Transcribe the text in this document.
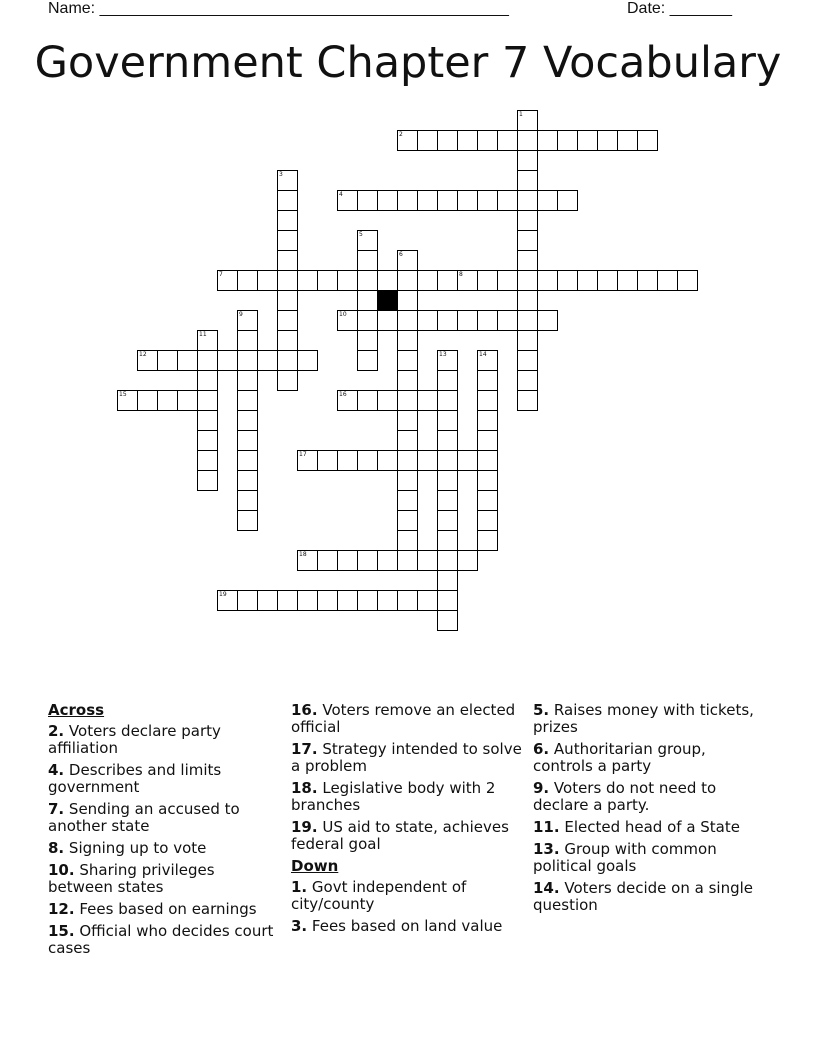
Name: ______________________________________________	Date: _______
Government Chapter 7 Vocabulary
2
4
7	8
10
12
15	16
17
18
19
1
3
5
6
9
11
13	14
Across
2. Voters declare party affiliation
4. Describes and limits government
7. Sending an accused to another state
8. Signing up to vote
10. Sharing privileges between states
12. Fees based on earnings
15. Official who decides court cases
16. Voters remove an elected official
17. Strategy intended to solve a problem
18. Legislative body with 2 branches
19. US aid to state, achieves federal goal
Down
1. Govt independent of city/county
3. Fees based on land value
5. Raises money with tickets, prizes
6. Authoritarian group, controls a party
9. Voters do not need to declare a party.
11. Elected head of a State
13. Group with common political goals
14. Voters decide on a single question
